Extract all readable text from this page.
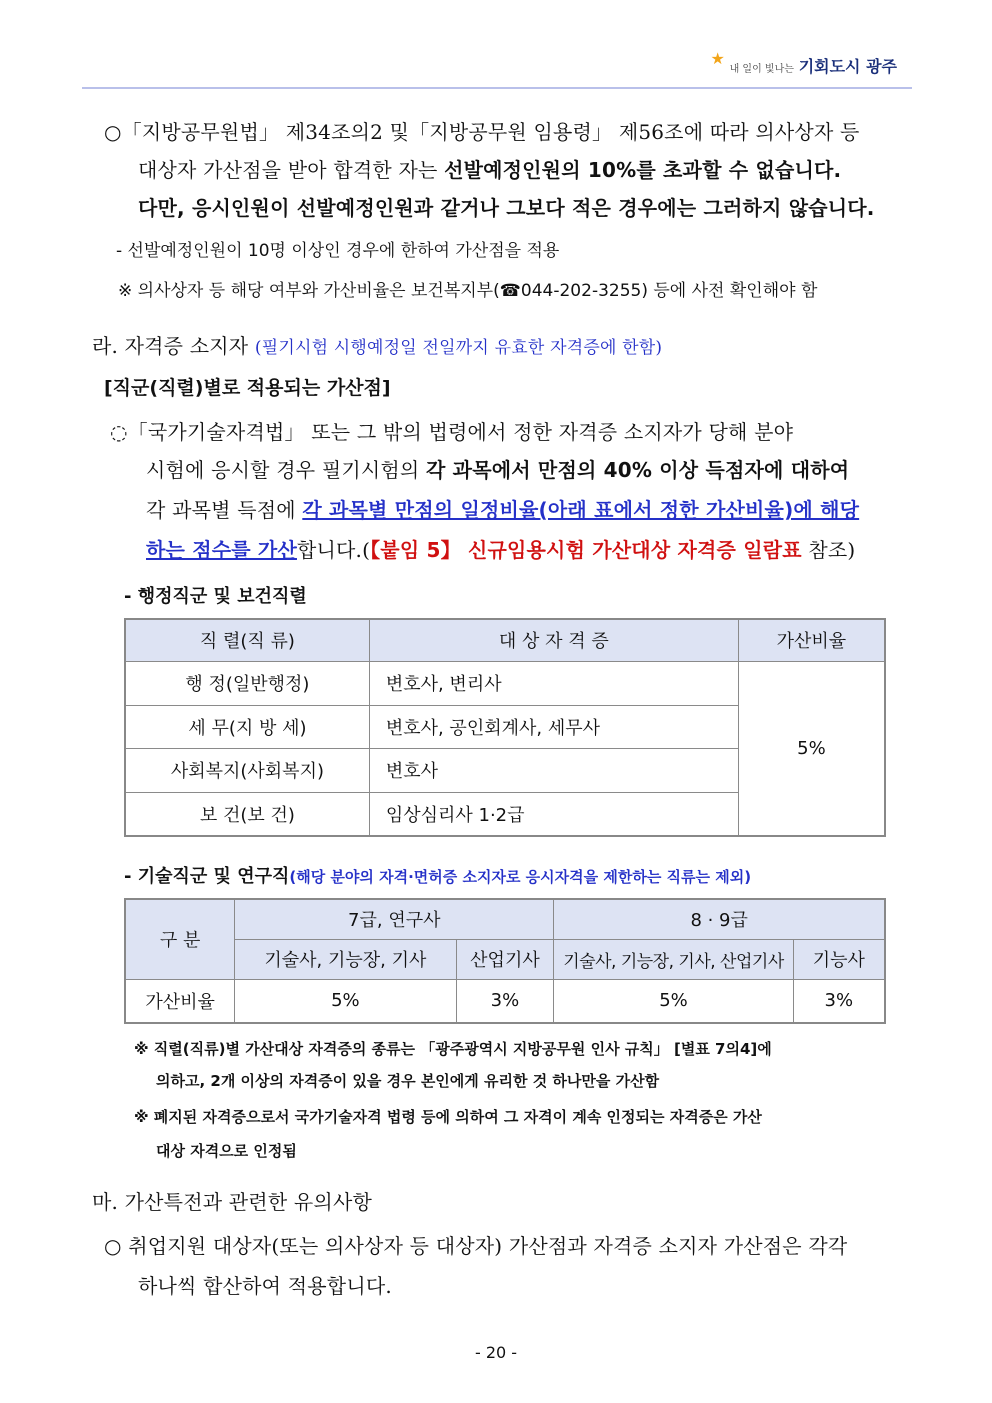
★ 내 일이 빛나는 기회도시 광주
○「지방공무원법」 제34조의2 및「지방공무원 임용령」 제56조에 따라 의사상자 등
대상자 가산점을 받아 합격한 자는 선발예정인원의 10%를 초과할 수 없습니다.
다만, 응시인원이 선발예정인원과 같거나 그보다 적은 경우에는 그러하지 않습니다.
- 선발예정인원이 10명 이상인 경우에 한하여 가산점을 적용
※ 의사상자 등 해당 여부와 가산비율은 보건복지부(☎044-202-3255) 등에 사전 확인해야 함
라. 자격증 소지자 (필기시험 시행예정일 전일까지 유효한 자격증에 한함)
[직군(직렬)별로 적용되는 가산점]
◌「국가기술자격법」 또는 그 밖의 법령에서 정한 자격증 소지자가 당해 분야
시험에 응시할 경우 필기시험의 각 과목에서 만점의 40% 이상 득점자에 대하여
각 과목별 득점에 각 과목별 만점의 일정비율(아래 표에서 정한 가산비율)에 해당
하는 점수를 가산합니다.(【붙임 5】 신규임용시험 가산대상 자격증 일람표 참조)
- 행정직군 및 보건직렬
직 렬(직 류)	대 상 자 격 증	가산비율
행 정(일반행정)	변호사, 변리사	5%
세 무(지 방 세)	변호사, 공인회계사, 세무사	
사회복지(사회복지)	변호사	
보 건(보 건)	임상심리사 1·2급	
- 기술직군 및 연구직(해당 분야의 자격·면허증 소지자로 응시자격을 제한하는 직류는 제외)
구 분	7급, 연구사		8 · 9급	
	기술사, 기능장, 기사	산업기사	기술사, 기능장, 기사, 산업기사	기능사
가산비율	5%	3%	5%	3%
※ 직렬(직류)별 가산대상 자격증의 종류는 「광주광역시 지방공무원 인사 규칙」 [별표 7의4]에
의하고, 2개 이상의 자격증이 있을 경우 본인에게 유리한 것 하나만을 가산함
※ 폐지된 자격증으로서 국가기술자격 법령 등에 의하여 그 자격이 계속 인정되는 자격증은 가산
대상 자격으로 인정됨
마. 가산특전과 관련한 유의사항
○ 취업지원 대상자(또는 의사상자 등 대상자) 가산점과 자격증 소지자 가산점은 각각
하나씩 합산하여 적용합니다.
- 20 -
